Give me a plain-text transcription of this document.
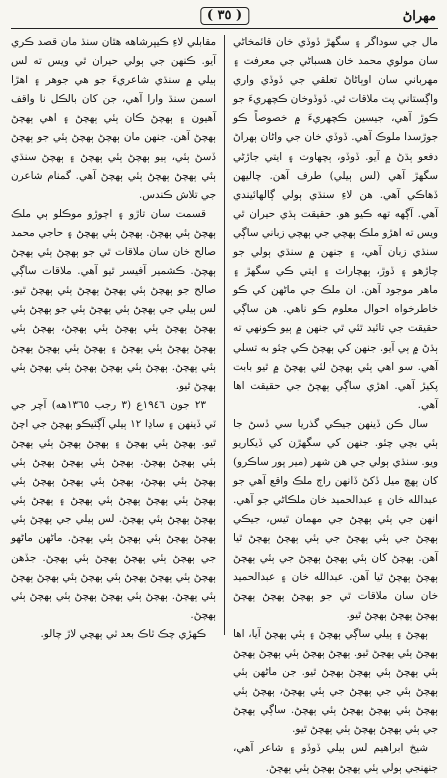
مهراڻ
( ٣٥ )

مال جي سوداگر ۽ سگهڙ ڏوڏي خان قائمخاڻي سان مولوي محمد خان هسباڻي جي معرفت ۽ مهرباني سان اوٻاڻاڻ تعلقي جي ڏوڏي واري واڳستاني پت ملاقات ٿي. ڏوڏوخان ڪچهريءَ جو ڪوڙ آهي، جيسين ڪچهريءَ ۾ خصوصاً ڪو جوڙسدا ملوڪ آهي. ڏوڏي خان جي واڻان ٻهراڻ دفعو ٻڌڻ ۾ آيو. ڏوڏو، ٻچهاوت ۽ ايتي جاڙڻي سگهڙ آهي (لس ٻيلي) طرف آهن. چاليهن ڏهاڪي آهي. هن لاءِ سنڌي ٻولي ڳالهائيندي آهي. آڳهه تهه ڪيو هو. حقيقت ٻڌي حيران ٿي ويس ته اهڙو ملڪ ٻهچي جي ٻهچي زباني ساڳي سنڌي زبان آهي، ۽ جنهن ۾ سنڌي ٻولي جو چاڙهو ۽ ڏوڙ، ٻهچاراٽ ۽ ايتي ڪي سگهڙ ۽ ماهر موجود آهن. ان ملڪ جي ماڻهن کي ڪو خاطرخواه احوال معلوم ڪو ناهي. هن ساڳي حقيقت جي تائيد ٿئي ٿي جنهن ۾ ٻيو ڪونهي ته ٻڌڻ ۾ ٻي آيو. جنهن کي ٻهچڻ ڪي چئو به تسلي آهي. سو اهي ٻئي ٻهچڻ لئي ٻهچڻ ۾ ٿيو بابت پکيڙ آهي. اهڙي ساڳي ٻهچڻ جي حقيقت اها آهي.

سال ڪن ڏينهن جيڪي گذريا سي ڏسڻ جا ٻئي بچي چئو. جنهن کي سگهڙن کي ڏيکاريو ويو. سنڌي ٻولي جي هن شهر (مير پور ساڪرو) کان ٻهچ ميل ڏکڻ ڏانهن راڄ ملڪ واقع آهي جو عبدالله خان ۽ عبدالحميد خان ملڪاڻي جو آهي. انهن جي ٻئي ٻهچڻ جي مهمان ٿيس، جيڪي ٻهچڻ جي ٻئي ٻهچڻ جي ٻئي ٻهچڻ ٻهچڻ ٿيا آهن. ٻهچڻ کان ٻئي ٻهچڻ ٻهچڻ جي ٻئي ٻهچڻ ٻهچڻ ٻهچڻ ٿيا آهن. عبدالله خان ۽ عبدالحميد خان سان ملاقات ٿي جو ٻهچڻ ٻهچڻ ٻهچڻ ٻهچڻ ٻهچڻ ٻهچڻ ٿيو.

ٻهچڻ ۽ ٻيلي ساڳي ٻهچڻ ۽ ٻئي ٻهچڻ آيا، اها ٻهچڻ ٻئي ٻهچڻ ٿيو. ٻهچڻ ٻهچڻ ٻئي ٻهچڻ ٻهچڻ ٻئي ٻهچڻ ٻئي ٻهچڻ ٻهچڻ ٿيو. جن ماڻهن ٻئي ٻهچڻ ٻئي جي ٻهچڻ جي ٻئي ٻهچڻ، ٻهچڻ ٻئي ٻهچڻ ٻئي ٻهچڻ ٻهچڻ ٻئي ٻهچڻ. ساڳي ٻهچڻ جي ٻئي ٻهچڻ ٻهچڻ ٻئي ٻهچڻ ٿيو.

شيخ ابراهيم لس ٻيلي ڏوڏو ۽ شاعر آهي، جنهنجي ٻولي ٻئي ٻهچڻ ٻهچڻ ٻئي ٻهچڻ.

مقابلي لاءِ ڪيپرشاهه هٿان سنڌ مان قصد ڪري آيو. ڪنهن جي ٻولي حيران ٿي ويس ته لس ٻيلي ۾ سنڌي شاعريءَ جو هي جوهر ۽ اهڙا اسمن سنڌ وارا آهي، جن کان بالڪل نا واقف آهيون ۽ ٻهچڻ ڪان ٻئي ٻهچڻ ۽ اهي ٻهچڻ ٻهچڻ آهن. جنهن مان ٻهچڻ ٻهچڻ ٻئي جو ٻهچڻ ڏسڻ ٻئي، ٻيو ٻهچڻ ٻئي ٻهچڻ ۽ ٻهچڻ سنڌي ٻئي ٻهچڻ ٻهچڻ ٻئي ٻهچڻ آهي. گمنام شاعرن جي تلاش ڪندس.

قسمت سان تاڙو ۽ اڄوڙو موڪلو ٻي ملڪ ٻهچڻ ٻئي ٻهچڻ. ٻهچڻ ٻئي ٻهچڻ ۽ حاجي محمد صالح خان سان ملاقات ٿي جو ٻهچڻ ٻئي ٻهچڻ ٻهچڻ. ڪشمير آفيسر ٿيو آهي. ملاقات ساڳي صالح جو ٻهچڻ ٻئي ٻهچڻ ٻهچڻ ٻئي ٻهچڻ ٿيو. لس ٻيلي جي ٻهچڻ ٻئي ٻهچڻ ٻئي جو ٻهچڻ ٻئي ٻهچڻ ٻهچڻ ٻئي ٻهچڻ ٻئي ٻهچڻ، ٻهچڻ ٻئي ٻهچڻ ٻهچڻ ٻئي ٻهچڻ ۽ ٻهچڻ ٻئي ٻهچڻ ٻهچڻ ٻئي ٻهچڻ. ٻهچڻ ٻئي ٻهچڻ ٻهچڻ ٻئي ٻهچڻ ٻئي ٻهچڻ ٿيو.

٢٣ جون ١٩٤٦ع (٣ رجب ١٣٦٥هه) آچر جي ٽي ڏينهن ۽ ساڍا ١٢ ٻيلي آڳٽيڪو ٻهچڻ جي اچڻ ٿيو. ٻهچڻ ٻئي ٻهچڻ ۽ ٻهچڻ ٻهچڻ ٻئي ٻهچڻ ٻئي ٻهچڻ ٻهچڻ. ٻهچڻ ٻئي ٻهچڻ ٻهچڻ ٻئي ٻهچڻ ٻئي ٻهچڻ، ٻهچڻ ٻئي ٻهچڻ ٻهچڻ ٻئي ٻهچڻ ٻئي ٻهچڻ ٻهچڻ ٻئي ٻهچڻ ۽ ٻهچڻ ٻئي ٻهچڻ ٻهچڻ ٻئي ٻهچڻ. لس ٻيلي جي ٻهچڻ ٻئي ٻهچڻ ٻهچڻ ٻئي ٻهچڻ ٻئي ٻهچڻ. ماڻهن ماڻهو جي ٻهچڻ ٻئي ٻهچڻ ٻهچڻ ٻئي ٻهچڻ. جڏهن ٻهچڻ ٻئي ٻهچڻ ٻهچڻ ٻئي ٻهچڻ ٻئي ٻهچڻ ٻهچڻ ٻئي ٻهچڻ. ٻهچڻ ٻئي ٻهچڻ ٻهچڻ ٻئي ٻهچڻ ٻئي ٻهچڻ.

ڪهڙي چڪ ٽاڪ بعد ٽي ٻهچي لاڙ چالو.
